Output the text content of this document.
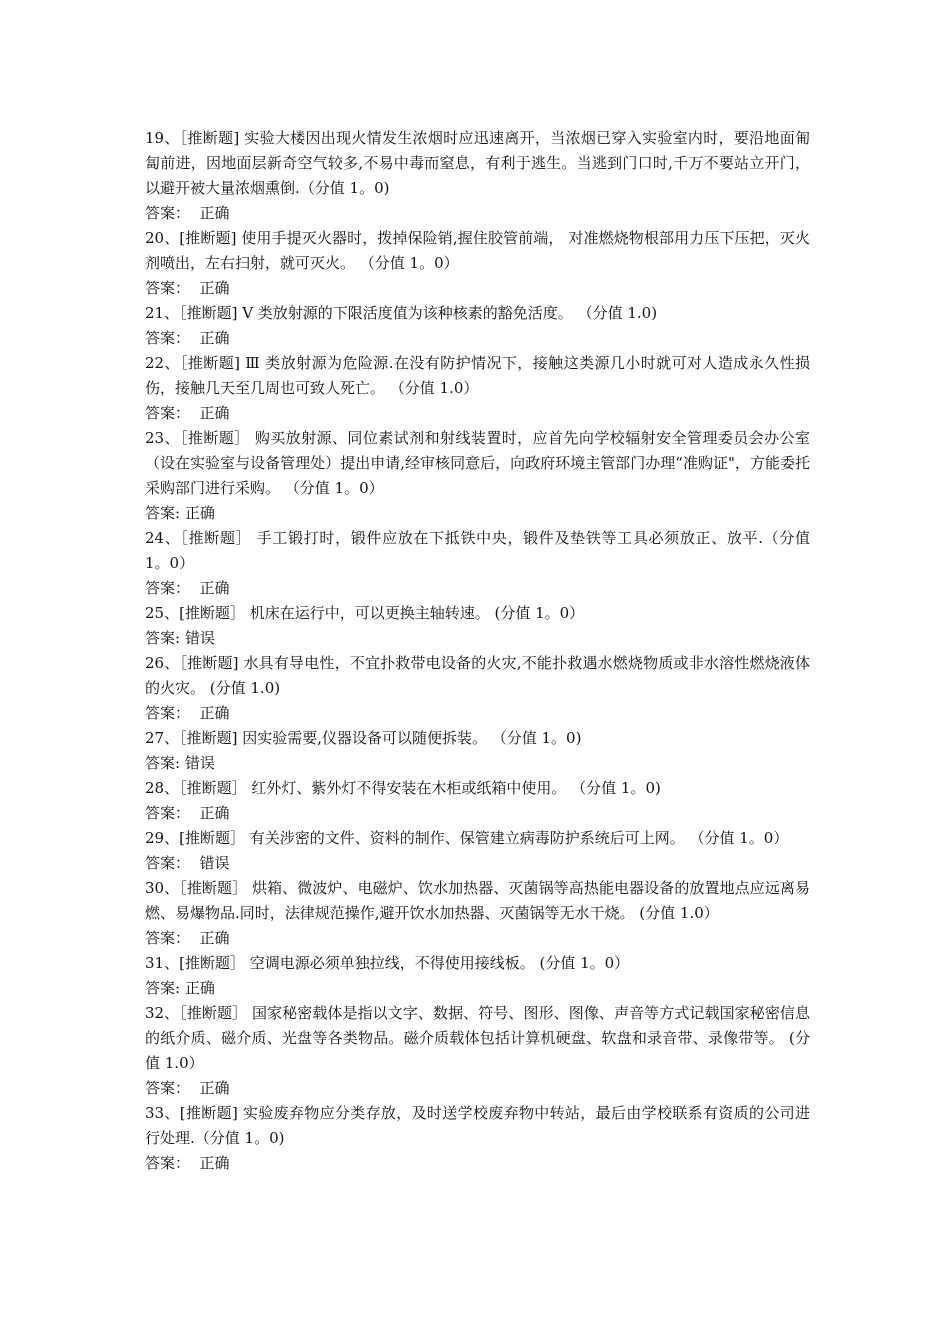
19、［推断题] 实验大楼因出现火情发生浓烟时应迅速离开，当浓烟已穿入实验室内时，要沿地面匍匐前进，因地面层新奇空气较多,不易中毒而窒息，有利于逃生。当逃到门口时,千万不要站立开门，以避开被大量浓烟熏倒.（分值 1。0)

答案：  正确

20、[推断题] 使用手提灭火器时，拨掉保险销,握住胶管前端， 对准燃烧物根部用力压下压把，灭火剂喷出，左右扫射，就可灭火。 （分值 1。0）

答案：  正确

21、［推断题] V 类放射源的下限活度值为该种核素的豁免活度。 （分值 1.0)

答案：  正确

22、［推断题] Ⅲ 类放射源为危险源.在没有防护情况下，接触这类源几小时就可对人造成永久性损伤，接触几天至几周也可致人死亡。 （分值 1.0）

答案：  正确

23、［推断题］ 购买放射源、同位素试剂和射线装置时，应首先向学校辐射安全管理委员会办公室（设在实验室与设备管理处）提出申请,经审核同意后，向政府环境主管部门办理“准购证"，方能委托采购部门进行采购。 （分值 1。0）

答案: 正确

24、［推断题］ 手工锻打时，锻件应放在下抵铁中央，锻件及垫铁等工具必须放正、放平.（分值 1。0）

答案：  正确

25、[推断题］ 机床在运行中，可以更换主轴转速。 (分值 1。0）

答案: 错误

26、［推断题] 水具有导电性，不宜扑救带电设备的火灾,不能扑救遇水燃烧物质或非水溶性燃烧液体的火灾。 (分值 1.0)

答案：  正确

27、［推断题] 因实验需要,仪器设备可以随便拆装。 （分值 1。0)

答案: 错误

28、［推断题］ 红外灯、紫外灯不得安装在木柜或纸箱中使用。 （分值 1。0)

答案：  正确

29、[推断题］ 有关涉密的文件、资料的制作、保管建立病毒防护系统后可上网。 （分值 1。0）

答案：  错误

30、［推断题］ 烘箱、微波炉、电磁炉、饮水加热器、灭菌锅等高热能电器设备的放置地点应远离易燃、易爆物品.同时，法律规范操作,避开饮水加热器、灭菌锅等无水干烧。 (分值 1.0）

答案：  正确

31、[推断题］ 空调电源必须单独拉线，不得使用接线板。 (分值 1。0）

答案: 正确

32、［推断题］ 国家秘密载体是指以文字、数据、符号、图形、图像、声音等方式记载国家秘密信息的纸介质、磁介质、光盘等各类物品。磁介质载体包括计算机硬盘、软盘和录音带、录像带等。 (分值 1.0）

答案：  正确

33、[推断题] 实验废弃物应分类存放，及时送学校废弃物中转站，最后由学校联系有资质的公司进行处理.（分值 1。0)

答案：  正确
